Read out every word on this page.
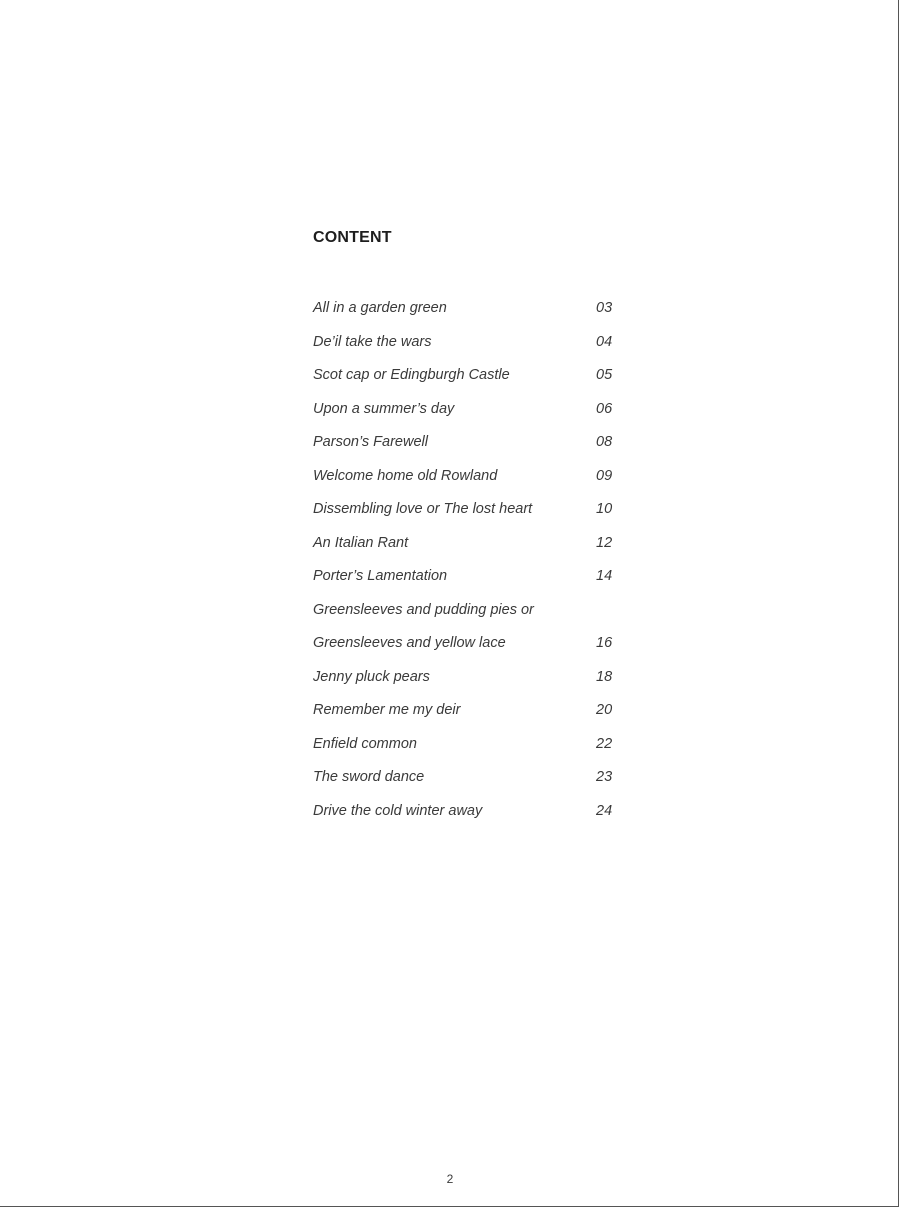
CONTENT
All in a garden green	03
De’il take the wars	04
Scot cap or Edingburgh Castle	05
Upon a summer’s day	06
Parson’s Farewell	08
Welcome home old Rowland	09
Dissembling love or The lost heart	10
An Italian Rant	12
Porter’s Lamentation	14
Greensleeves and pudding pies or
Greensleeves and yellow lace	16
Jenny pluck pears	18
Remember me my deir	20
Enfield common	22
The sword dance	23
Drive the cold winter away	24
2
